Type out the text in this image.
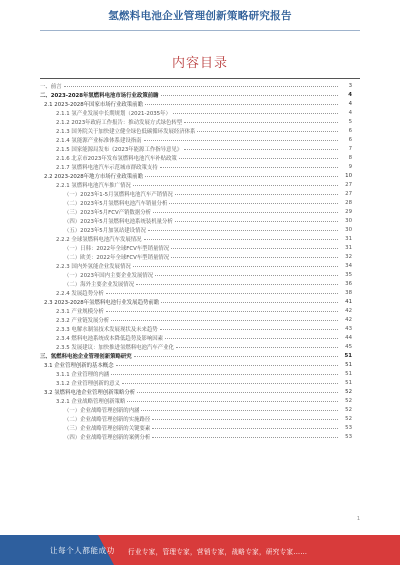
氢燃料电池企业管理创新策略研究报告
内容目录
一、前言	3
二、2023-2028年氢燃料电池市场行业政策前瞻	4
2.1 2023-2028年国家市场行业政策前瞻	4
2.1.1 氢产业发展中长期规划（2021-2035年）	4
2.1.2 2023年政府工作报告：推动发展方式绿色转型	5
2.1.3 国务院关于加快建立健全绿色低碳循环发展经济体系	6
2.1.4 氢能源产业标准体系建设指南	6
2.1.5 国家能源局发布《2023年能源工作指导意见》	7
2.1.6 北京市2023年发布氢燃料电池汽车补贴政策	8
2.1.7 氢燃料电池汽车示范城市群政策支持	9
2.2 2023-2028年地方市场行业政策前瞻	10
2.2.1 氢燃料电池汽车推广情况	27
（一）2023年1-5月氢燃料电池汽车产销情况	27
（二）2023年5月氢燃料电池汽车销量分析	28
（三）2023年5月FCV产销数据分析	29
（四）2023年5月氢燃料电池系统装机量分析	30
（五）2023年5月加氢站建设情况	30
2.2.2 全球氢燃料电池汽车发展情况	31
（一）日韩：2022年全球FCV车型销量情况	31
（二）欧美：2022年全球FCV车型销量情况	32
2.2.3 国内外氢能企业发展情况	34
（一）2023年国内主要企业发展情况	35
（二）海外主要企业发展情况	36
2.2.4 发展趋势分析	38
2.3 2023-2028年氢燃料电池行业发展趋势前瞻	41
2.3.1 产业规模分析	42
2.3.2 产业链发展分析	42
2.3.3 电解水制氢技术发展现状及未来趋势	43
2.3.4 燃料电池系统成本降低趋势及影响因素	44
2.3.5 发展建议：加快推进氢燃料电池汽车产业化	45
三、氢燃料电池企业管理创新策略研究	51
3.1 企业管理创新的基本概念	51
3.1.1 企业管理的内涵	51
3.1.2 企业管理创新的意义	51
3.2 氢燃料电池企业管理创新策略分析	52
3.2.1 企业战略管理创新策略	52
（一）企业战略管理创新的内涵	52
（二）企业战略管理创新的实施路径	52
（三）企业战略管理创新的关键要素	53
（四）企业战略管理创新的案例分析	53
1
让每个人都能成功 行业专家，管理专家，营销专家，战略专家，研究专家……
